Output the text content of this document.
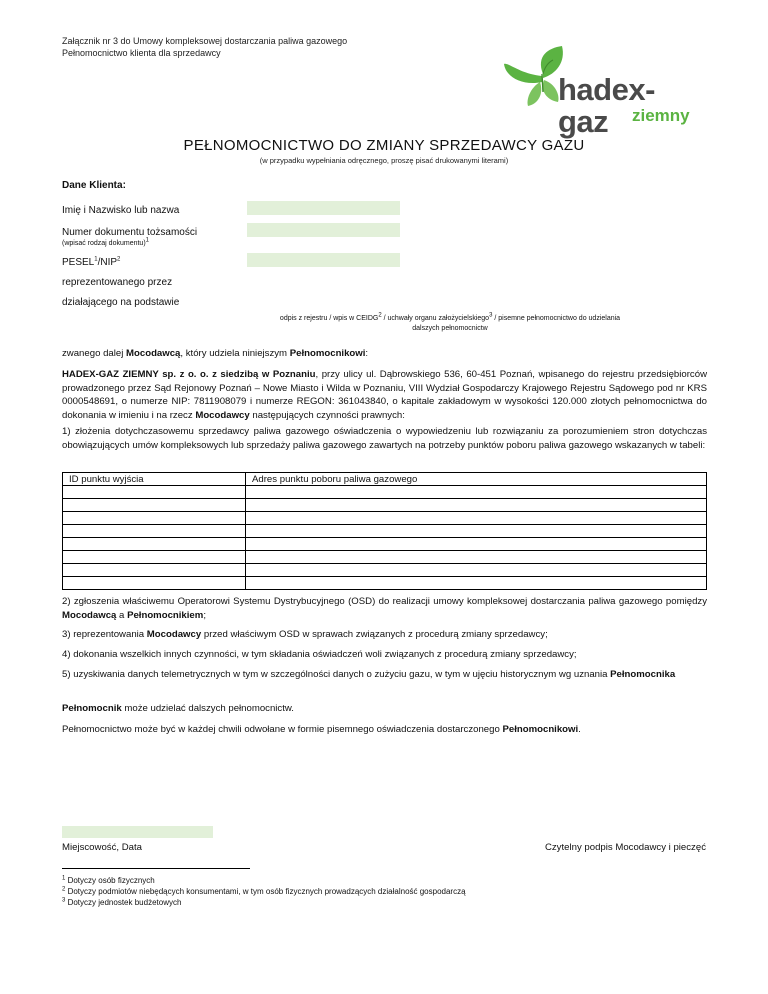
Załącznik nr 3 do Umowy kompleksowej dostarczania paliwa gazowego
Pełnomocnictwo klienta dla sprzedawcy
hadex-gaz	ziemny
PEŁNOMOCNICTWO DO ZMIANY SPRZEDAWCY GAZU
(w przypadku wypełniania odręcznego, proszę pisać drukowanymi literami)
Dane Klienta:
Imię i Nazwisko lub nazwa
Numer dokumentu tożsamości
(wpisać rodzaj dokumentu)$^1$
PESEL$^1$/NIP$^2$
reprezentowanego przez
działającego na podstawie
odpis z rejestru / wpis w CEIDG$^2$ / uchwały organu założycielskiego$^3$ / pisemne pełnomocnictwo do udzielania
dalszych pełnomocnictw
zwanego dalej Mocodawcą, który udziela niniejszym Pełnomocnikowi:
HADEX-GAZ ZIEMNY sp. z o. o. z siedzibą w Poznaniu, przy ulicy ul. Dąbrowskiego 536, 60-451 Poznań, wpisanego do rejestru przedsiębiorców prowadzonego przez Sąd Rejonowy Poznań – Nowe Miasto i Wilda w Poznaniu, VIII Wydział Gospodarczy Krajowego Rejestru Sądowego pod nr KRS 0000548691, o numerze NIP: 7811908079 i numerze REGON: 361043840, o kapitale zakładowym w wysokości 120.000 złotych pełnomocnictwa do dokonania w imieniu i na rzecz Mocodawcy następujących czynności prawnych:
1) złożenia dotychczasowemu sprzedawcy paliwa gazowego oświadczenia o wypowiedzeniu lub rozwiązaniu za porozumieniem stron dotychczas obowiązujących umów kompleksowych lub sprzedaży paliwa gazowego zawartych na potrzeby punktów poboru paliwa gazowego wskazanych w tabeli:
ID punktu wyjścia	Adres punktu poboru paliwa gazowego

2) zgłoszenia właściwemu Operatorowi Systemu Dystrybucyjnego (OSD) do realizacji umowy kompleksowej dostarczania paliwa gazowego pomiędzy Mocodawcą a Pełnomocnikiem;
3) reprezentowania Mocodawcy przed właściwym OSD w sprawach związanych z procedurą zmiany sprzedawcy;
4) dokonania wszelkich innych czynności, w tym składania oświadczeń woli związanych z procedurą zmiany sprzedawcy;
5) uzyskiwania danych telemetrycznych w tym w szczególności danych o zużyciu gazu, w tym w ujęciu historycznym wg uznania Pełnomocnika
Pełnomocnik może udzielać dalszych pełnomocnictw.
Pełnomocnictwo może być w każdej chwili odwołane w formie pisemnego oświadczenia dostarczonego Pełnomocnikowi.
Miejscowość, Data	Czytelny podpis Mocodawcy i pieczęć
$^1$ Dotyczy osób fizycznych
$^2$ Dotyczy podmiotów niebędących konsumentami, w tym osób fizycznych prowadzących działalność gospodarczą
$^3$ Dotyczy jednostek budżetowych
